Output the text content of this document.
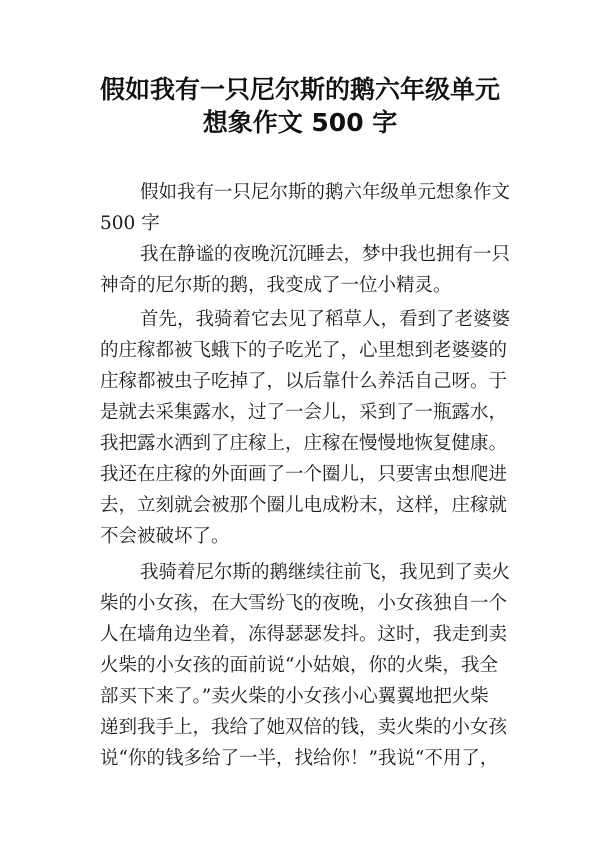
假如我有一只尼尔斯的鹅六年级单元
想象作文 500 字
假如我有一只尼尔斯的鹅六年级单元想象作文
500 字
我在静谧的夜晚沉沉睡去，梦中我也拥有一只
神奇的尼尔斯的鹅，我变成了一位小精灵。
首先，我骑着它去见了稻草人，看到了老婆婆
的庄稼都被飞蛾下的子吃光了，心里想到老婆婆的
庄稼都被虫子吃掉了，以后靠什么养活自己呀。于
是就去采集露水，过了一会儿，采到了一瓶露水，
我把露水洒到了庄稼上，庄稼在慢慢地恢复健康。
我还在庄稼的外面画了一个圈儿，只要害虫想爬进
去，立刻就会被那个圈儿电成粉末，这样，庄稼就
不会被破坏了。
我骑着尼尔斯的鹅继续往前飞，我见到了卖火
柴的小女孩，在大雪纷飞的夜晚，小女孩独自一个
人在墙角边坐着，冻得瑟瑟发抖。这时，我走到卖
火柴的小女孩的面前说“小姑娘，你的火柴，我全
部买下来了。”卖火柴的小女孩小心翼翼地把火柴
递到我手上，我给了她双倍的钱，卖火柴的小女孩
说“你的钱多给了一半，找给你！”我说“不用了，
